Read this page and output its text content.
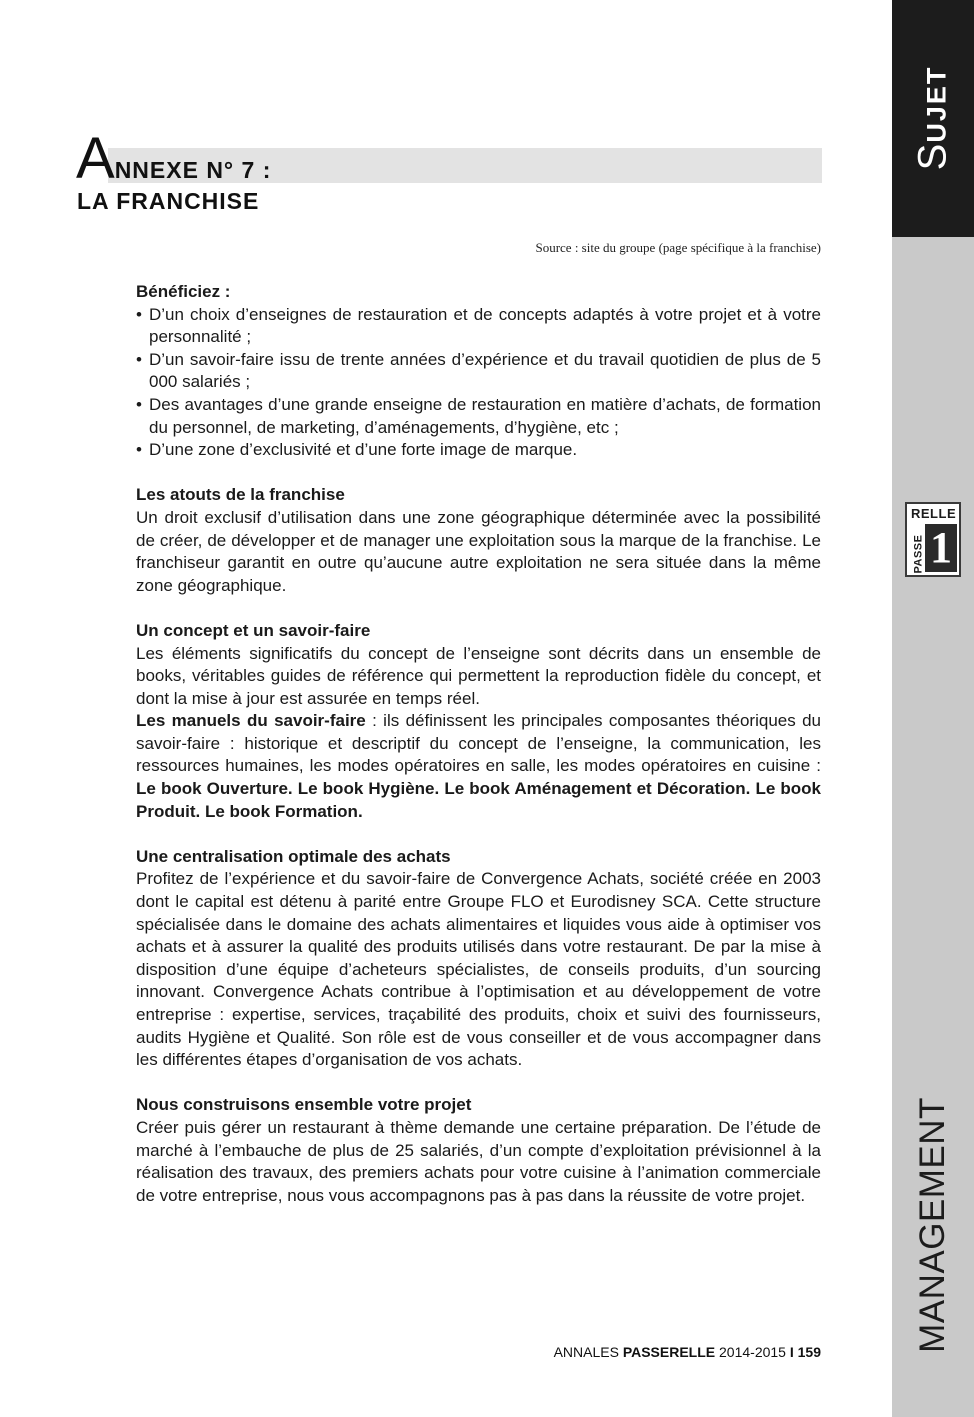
SUJET
RELLE
PASSE 1
MANAGEMENT
ANNEXE N° 7 :
LA FRANCHISE
Source : site du groupe (page spécifique à la franchise)
Bénéficiez :
• D’un choix d’enseignes de restauration et de concepts adaptés à votre projet et à votre personnalité ;
• D’un savoir-faire issu de trente années d’expérience et du travail quotidien de plus de 5 000 salariés ;
• Des avantages d’une grande enseigne de restauration en matière d’achats, de formation du personnel, de marketing, d’aménagements, d’hygiène, etc ;
• D’une zone d’exclusivité et d’une forte image de marque.
Les atouts de la franchise

Un droit exclusif d’utilisation dans une zone géographique déterminée avec la possibilité de créer, de développer et de manager une exploitation sous la marque de la franchise. Le franchiseur garantit en outre qu’aucune autre exploitation ne sera située dans la même zone géographique.

Un concept et un savoir-faire

Les éléments significatifs du concept de l’enseigne sont décrits dans un ensemble de books, véritables guides de référence qui permettent la reproduction fidèle du concept, et dont la mise à jour est assurée en temps réel.

Les manuels du savoir-faire : ils définissent les principales composantes théoriques du savoir-faire : historique et descriptif du concept de l’enseigne, la communication, les ressources humaines, les modes opératoires en salle, les modes opératoires en cuisine : Le book Ouverture. Le book Hygiène. Le book Aménagement et Décoration. Le book Produit. Le book Formation.

Une centralisation optimale des achats

Profitez de l’expérience et du savoir-faire de Convergence Achats, société créée en 2003 dont le capital est détenu à parité entre Groupe FLO et Eurodisney SCA. Cette structure spécialisée dans le domaine des achats alimentaires et liquides vous aide à optimiser vos achats et à assurer la qualité des produits utilisés dans votre restaurant. De par la mise à disposition d’une équipe d’acheteurs spécialistes, de conseils produits, d’un sourcing innovant. Convergence Achats contribue à l’optimisation et au développement de votre entreprise : expertise, services, traçabilité des produits, choix et suivi des fournisseurs, audits Hygiène et Qualité. Son rôle est de vous conseiller et de vous accompagner dans les différentes étapes d’organisation de vos achats.

Nous construisons ensemble votre projet

Créer puis gérer un restaurant à thème demande une certaine préparation. De l’étude de marché à l’embauche de plus de 25 salariés, d’un compte d’exploitation prévisionnel à la réalisation des travaux, des premiers achats pour votre cuisine à l’animation commerciale de votre entreprise, nous vous accompagnons pas à pas dans la réussite de votre projet.

ANNALES PASSERELLE 2014-2015 I 159
